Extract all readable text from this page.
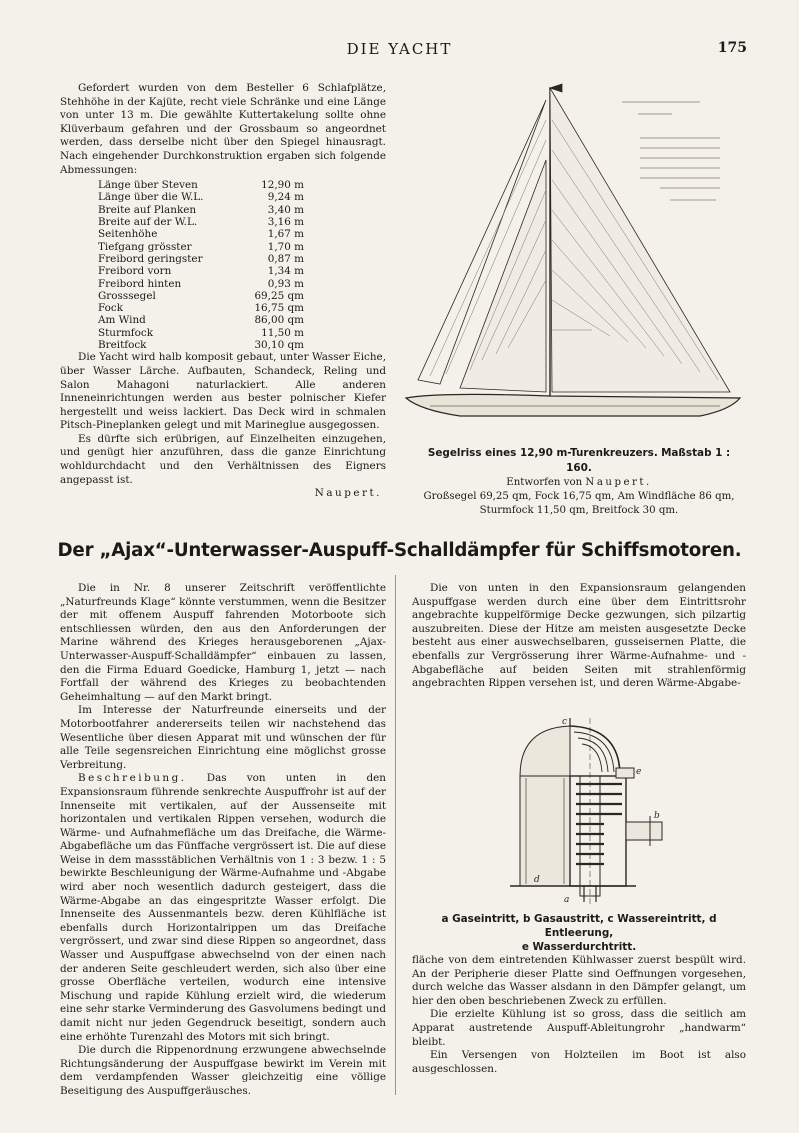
DIE YACHT	175

Gefordert wurden von dem Besteller 6 Schlafplätze, Stehhöhe in der Kajüte, recht viele Schränke und eine Länge von unter 13 m. Die gewählte Kuttertakelung sollte ohne Klüverbaum gefahren und der Grossbaum so angeordnet werden, dass derselbe nicht über den Spiegel hinausragt. Nach eingehender Durchkonstruktion ergaben sich folgende Abmessungen:

Länge über Steven	12,90 m
Länge über die W.L.	9,24 m
Breite auf Planken	3,40 m
Breite auf der W.L.	3,16 m
Seitenhöhe	1,67 m
Tiefgang grösster	1,70 m
Freibord geringster	0,87 m
Freibord vorn	1,34 m
Freibord hinten	0,93 m
Grosssegel	69,25 qm
Fock	16,75 qm
Am Wind	86,00 qm
Sturmfock	11,50 m
Breitfock	30,10 qm

Die Yacht wird halb komposit gebaut, unter Wasser Eiche, über Wasser Lärche. Aufbauten, Schandeck, Reling und Salon Mahagoni naturlackiert. Alle anderen Inneneinrichtungen werden aus bester polnischer Kiefer hergestellt und weiss lackiert. Das Deck wird in schmalen Pitsch-Pineplanken gelegt und mit Marineglue ausgegossen.

Es dürfte sich erübrigen, auf Einzelheiten einzugehen, und genügt hier anzuführen, dass die ganze Einrichtung wohldurchdacht und den Verhältnissen des Eigners angepasst ist.

Naupert.
Segelriss eines 12,90 m-Turenkreuzers. Maßstab 1 : 160.
Entworfen von Naupert.
Großsegel 69,25 qm, Fock 16,75 qm, Am Windfläche 86 qm,
Sturmfock 11,50 qm, Breitfock 30 qm.
Der „Ajax“-Unterwasser-Auspuff-Schalldämpfer für Schiffsmotoren.

Die in Nr. 8 unserer Zeitschrift veröffentlichte „Naturfreunds Klage“ könnte verstummen, wenn die Besitzer der mit offenem Auspuff fahrenden Motorboote sich entschliessen würden, den aus den Anforderungen der Marine während des Krieges herausgeborenen „Ajax-Unterwasser-Auspuff-Schalldämpfer“ einbauen zu lassen, den die Firma Eduard Goedicke, Hamburg 1, jetzt — nach Fortfall der während des Krieges zu beobachtenden Geheimhaltung — auf den Markt bringt.

Im Interesse der Naturfreunde einerseits und der Motorbootfahrer andererseits teilen wir nachstehend das Wesentliche über diesen Apparat mit und wünschen der für alle Teile segensreichen Einrichtung eine möglichst grosse Verbreitung.

Beschreibung. Das von unten in den Expansionsraum führende senkrechte Auspuffrohr ist auf der Innenseite mit vertikalen, auf der Aussenseite mit horizontalen und vertikalen Rippen versehen, wodurch die Wärme- und Aufnahmefläche um das Dreifache, die Wärme-Abgabefläche um das Fünffache vergrössert ist. Die auf diese Weise in dem massstäblichen Verhältnis von 1 : 3 bezw. 1 : 5 bewirkte Beschleunigung der Wärme-Aufnahme und -Abgabe wird aber noch wesentlich dadurch gesteigert, dass die Wärme-Abgabe an das eingespritzte Wasser erfolgt. Die Innenseite des Aussenmantels bezw. deren Kühlfläche ist ebenfalls durch Horizontalrippen um das Dreifache vergrössert, und zwar sind diese Rippen so angeordnet, dass Wasser und Auspuffgase abwechselnd von der einen nach der anderen Seite geschleudert werden, sich also über eine grosse Oberfläche verteilen, wodurch eine intensive Mischung und rapide Kühlung erzielt wird, die wiederum eine sehr starke Verminderung des Gasvolumens bedingt und damit nicht nur jeden Gegendruck beseitigt, sondern auch eine erhöhte Turenzahl des Motors mit sich bringt.

Die durch die Rippenordnung erzwungene abwechselnde Richtungsänderung der Auspuffgase bewirkt im Verein mit dem verdampfenden Wasser gleichzeitig eine völlige Beseitigung des Auspuffgeräusches.

Die von unten in den Expansionsraum gelangenden Auspuffgase werden durch eine über dem Eintrittsrohr angebrachte kuppelförmige Decke gezwungen, sich pilzartig auszubreiten. Diese der Hitze am meisten ausgesetzte Decke besteht aus einer auswechselbaren, gusseisernen Platte, die ebenfalls zur Vergrösserung ihrer Wärme-Aufnahme- und -Abgabefläche auf beiden Seiten mit strahlenförmig angebrachten Rippen versehen ist, und deren Wärme-Abgabe-

c
e
b
d
a
a Gaseintritt, b Gasaustritt, c Wassereintritt, d Entleerung,
e Wasserdurchtritt.

fläche von dem eintretenden Kühlwasser zuerst bespült wird. An der Peripherie dieser Platte sind Oeffnungen vorgesehen, durch welche das Wasser alsdann in den Dämpfer gelangt, um hier den oben beschriebenen Zweck zu erfüllen.

Die erzielte Kühlung ist so gross, dass die seitlich am Apparat austretende Auspuff-Ableitungrohr „handwarm“ bleibt.

Ein Versengen von Holzteilen im Boot ist also ausgeschlossen.
